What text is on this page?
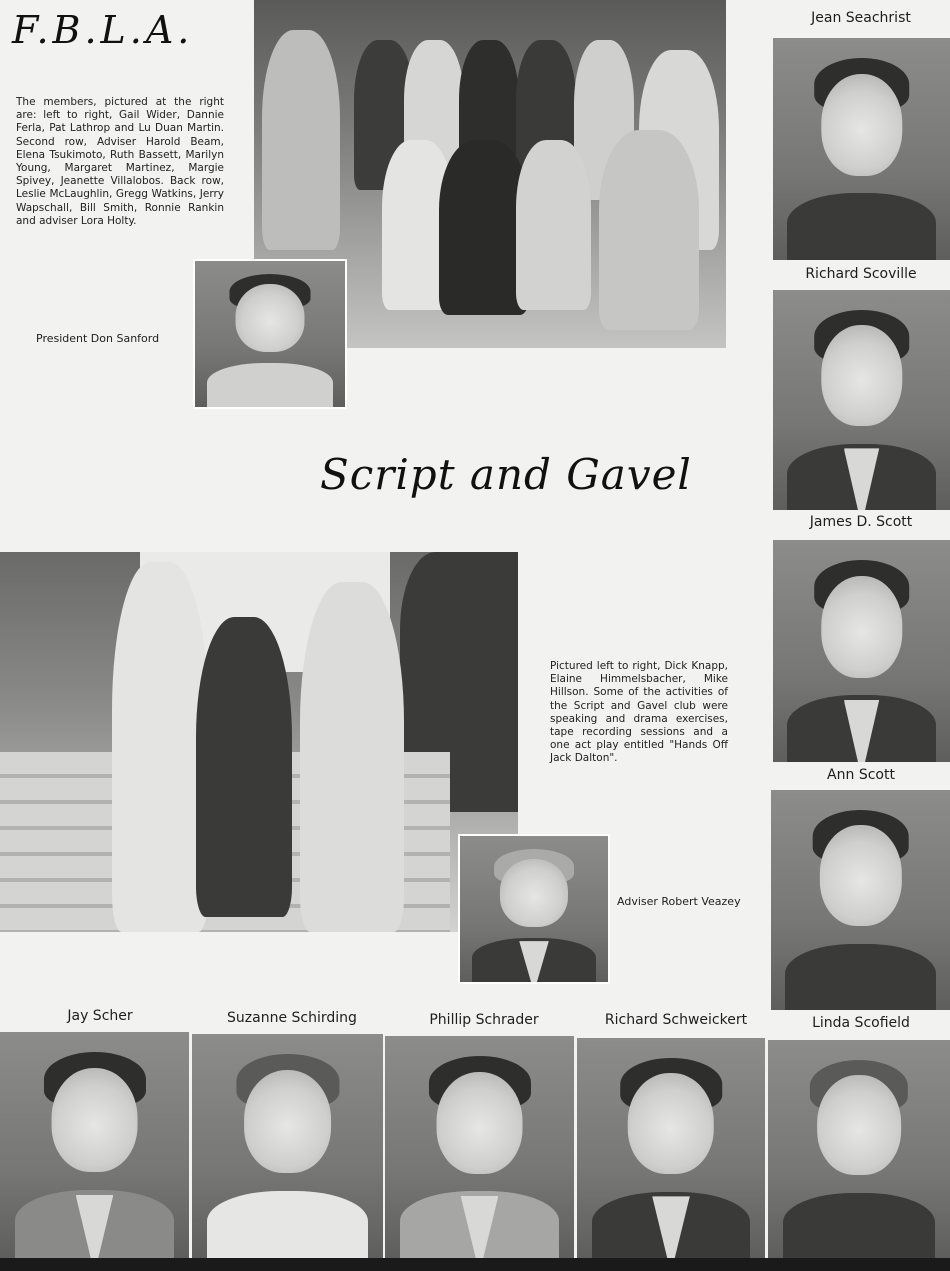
F.B.L.A.
The members, pictured at the right are: left to right, Gail Wider, Dannie Ferla, Pat Lathrop and Lu Duan Martin. Second row, Adviser Harold Beam, Elena Tsukimoto, Ruth Bassett, Marilyn Young, Margaret Martinez, Margie Spivey, Jeanette Villalobos. Back row, Leslie McLaughlin, Gregg Watkins, Jerry Wapschall, Bill Smith, Ronnie Rankin and adviser Lora Holty.
President Don Sanford
Script and Gavel
Pictured left to right, Dick Knapp, Elaine Himmelsbacher, Mike Hillson. Some of the activities of the Script and Gavel club were speaking and drama exercises, tape recording sessions and a one act play entitled "Hands Off Jack Dalton".
Adviser Robert Veazey
Jean Seachrist
Richard Scoville
James D. Scott
Ann Scott
Linda Scofield
Jay Scher	Suzanne Schirding	Phillip Schrader	Richard Schweickert
